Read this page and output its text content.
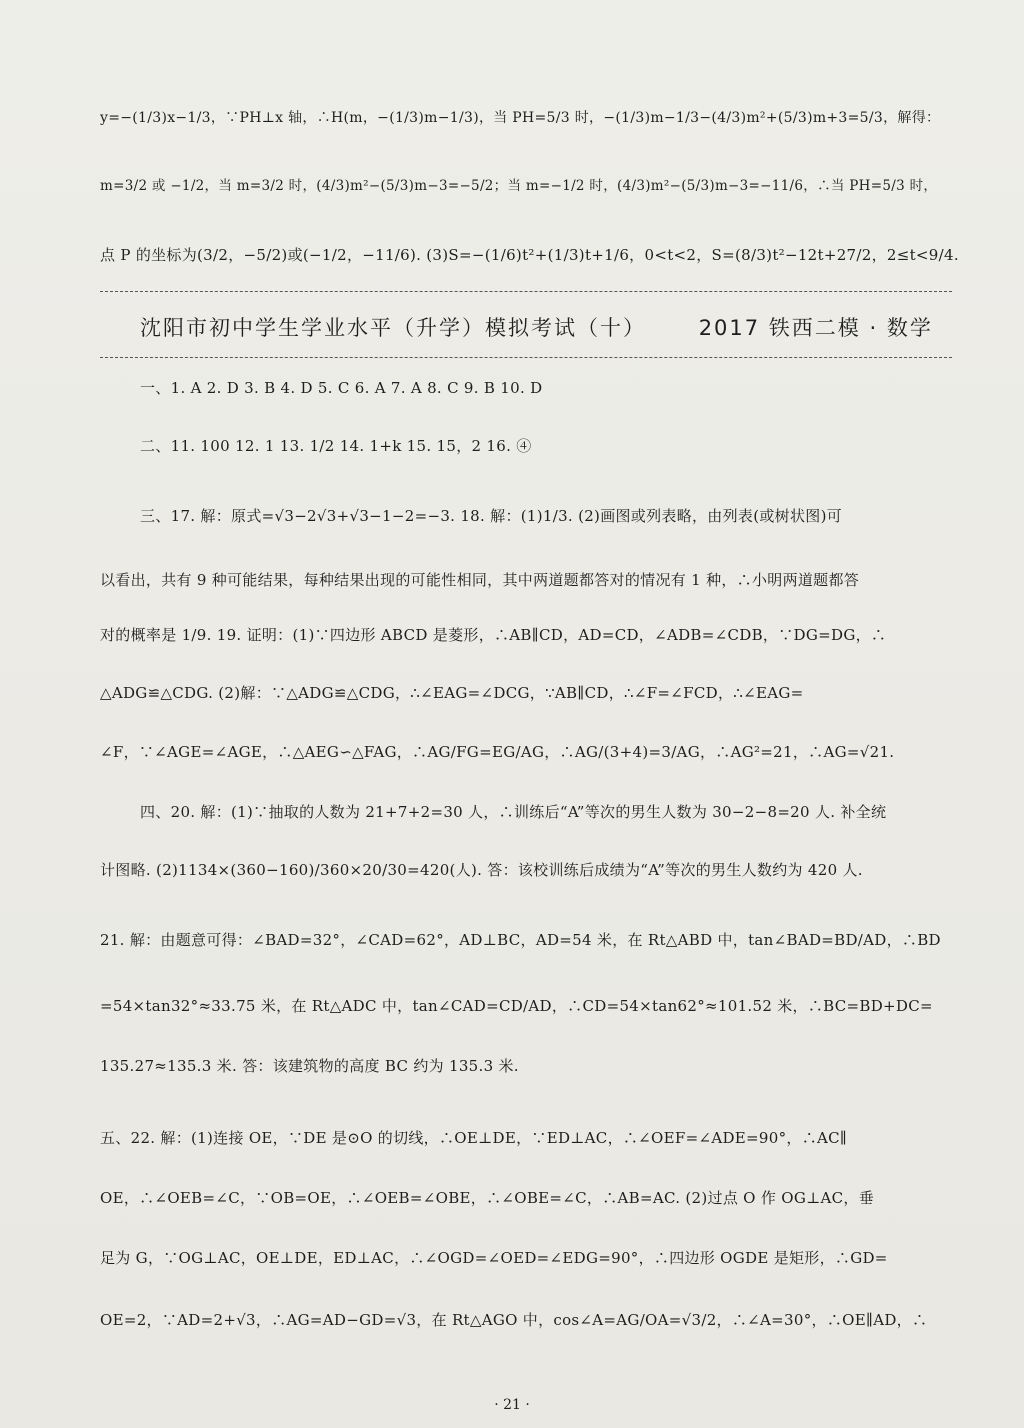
y=−(1/3)x−1/3，∵PH⊥x 轴，∴H(m，−(1/3)m−1/3)，当 PH=5/3 时，−(1/3)m−1/3−(4/3)m²+(5/3)m+3=5/3，解得：
m=3/2 或 −1/2，当 m=3/2 时，(4/3)m²−(5/3)m−3=−5/2；当 m=−1/2 时，(4/3)m²−(5/3)m−3=−11/6，∴当 PH=5/3 时，
点 P 的坐标为(3/2，−5/2)或(−1/2，−11/6). (3)S=−(1/6)t²+(1/3)t+1/6，0<t<2，S=(8/3)t²−12t+27/2，2≤t<9/4.
沈阳市初中学生学业水平（升学）模拟考试（十）	2017 铁西二模 · 数学
一、1. A 2. D 3. B 4. D 5. C 6. A 7. A 8. C 9. B 10. D
二、11. 100 12. 1 13. 1/2 14. 1+k 15. 15，2 16. ④
三、17. 解：原式=√3−2√3+√3−1−2=−3. 18. 解：(1)1/3. (2)画图或列表略，由列表(或树状图)可
以看出，共有 9 种可能结果，每种结果出现的可能性相同，其中两道题都答对的情况有 1 种，∴小明两道题都答
对的概率是 1/9. 19. 证明：(1)∵四边形 ABCD 是菱形，∴AB∥CD，AD=CD，∠ADB=∠CDB，∵DG=DG，∴
△ADG≌△CDG. (2)解：∵△ADG≌△CDG，∴∠EAG=∠DCG，∵AB∥CD，∴∠F=∠FCD，∴∠EAG=
∠F，∵∠AGE=∠AGE，∴△AEG∽△FAG，∴AG/FG=EG/AG，∴AG/(3+4)=3/AG，∴AG²=21，∴AG=√21.
四、20. 解：(1)∵抽取的人数为 21+7+2=30 人，∴训练后“A”等次的男生人数为 30−2−8=20 人. 补全统
计图略. (2)1134×(360−160)/360×20/30=420(人). 答：该校训练后成绩为“A”等次的男生人数约为 420 人.
21. 解：由题意可得：∠BAD=32°，∠CAD=62°，AD⊥BC，AD=54 米，在 Rt△ABD 中，tan∠BAD=BD/AD，∴BD
=54×tan32°≈33.75 米，在 Rt△ADC 中，tan∠CAD=CD/AD，∴CD=54×tan62°≈101.52 米，∴BC=BD+DC=
135.27≈135.3 米. 答：该建筑物的高度 BC 约为 135.3 米.
五、22. 解：(1)连接 OE，∵DE 是⊙O 的切线，∴OE⊥DE，∵ED⊥AC，∴∠OEF=∠ADE=90°，∴AC∥
OE，∴∠OEB=∠C，∵OB=OE，∴∠OEB=∠OBE，∴∠OBE=∠C，∴AB=AC. (2)过点 O 作 OG⊥AC，垂
足为 G，∵OG⊥AC，OE⊥DE，ED⊥AC，∴∠OGD=∠OED=∠EDG=90°，∴四边形 OGDE 是矩形，∴GD=
OE=2，∵AD=2+√3，∴AG=AD−GD=√3，在 Rt△AGO 中，cos∠A=AG/OA=√3/2，∴∠A=30°，∴OE∥AD，∴
· 21 ·
